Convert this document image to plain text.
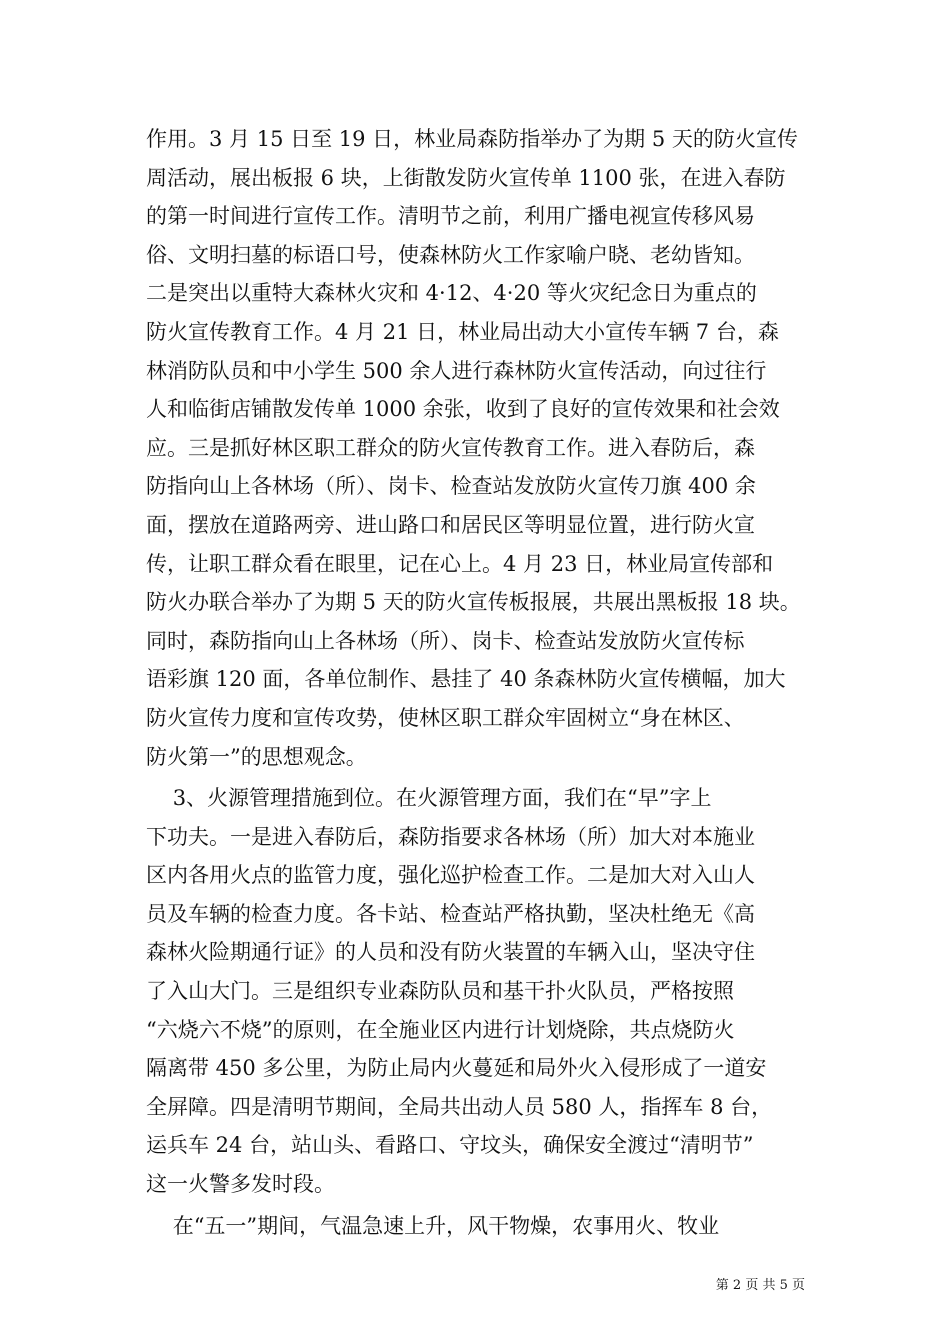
作用。3 月 15 日至 19 日，林业局森防指举办了为期 5 天的防火宣传
周活动，展出板报 6 块，上街散发防火宣传单 1100 张，在进入春防
的第一时间进行宣传工作。清明节之前，利用广播电视宣传移风易
俗、文明扫墓的标语口号，使森林防火工作家喻户晓、老幼皆知。
二是突出以重特大森林火灾和 4·12、4·20 等火灾纪念日为重点的
防火宣传教育工作。4 月 21 日，林业局出动大小宣传车辆 7 台，森
林消防队员和中小学生 500 余人进行森林防火宣传活动，向过往行
人和临街店铺散发传单 1000 余张，收到了良好的宣传效果和社会效
应。三是抓好林区职工群众的防火宣传教育工作。进入春防后，森
防指向山上各林场（所）、岗卡、检查站发放防火宣传刀旗 400 余
面，摆放在道路两旁、进山路口和居民区等明显位置，进行防火宣
传，让职工群众看在眼里，记在心上。4 月 23 日，林业局宣传部和
防火办联合举办了为期 5 天的防火宣传板报展，共展出黑板报 18 块。
同时，森防指向山上各林场（所）、岗卡、检查站发放防火宣传标
语彩旗 120 面，各单位制作、悬挂了 40 条森林防火宣传横幅，加大
防火宣传力度和宣传攻势，使林区职工群众牢固树立“身在林区、
防火第一”的思想观念。
3、火源管理措施到位。在火源管理方面，我们在“早”字上
下功夫。一是进入春防后，森防指要求各林场（所）加大对本施业
区内各用火点的监管力度，强化巡护检查工作。二是加大对入山人
员及车辆的检查力度。各卡站、检查站严格执勤，坚决杜绝无《高
森林火险期通行证》的人员和没有防火装置的车辆入山，坚决守住
了入山大门。三是组织专业森防队员和基干扑火队员，严格按照
“六烧六不烧”的原则，在全施业区内进行计划烧除，共点烧防火
隔离带 450 多公里，为防止局内火蔓延和局外火入侵形成了一道安
全屏障。四是清明节期间，全局共出动人员 580 人，指挥车 8 台，
运兵车 24 台，站山头、看路口、守坟头，确保安全渡过“清明节”
这一火警多发时段。
在“五一”期间，气温急速上升，风干物燥，农事用火、牧业
第 2 页 共 5 页
